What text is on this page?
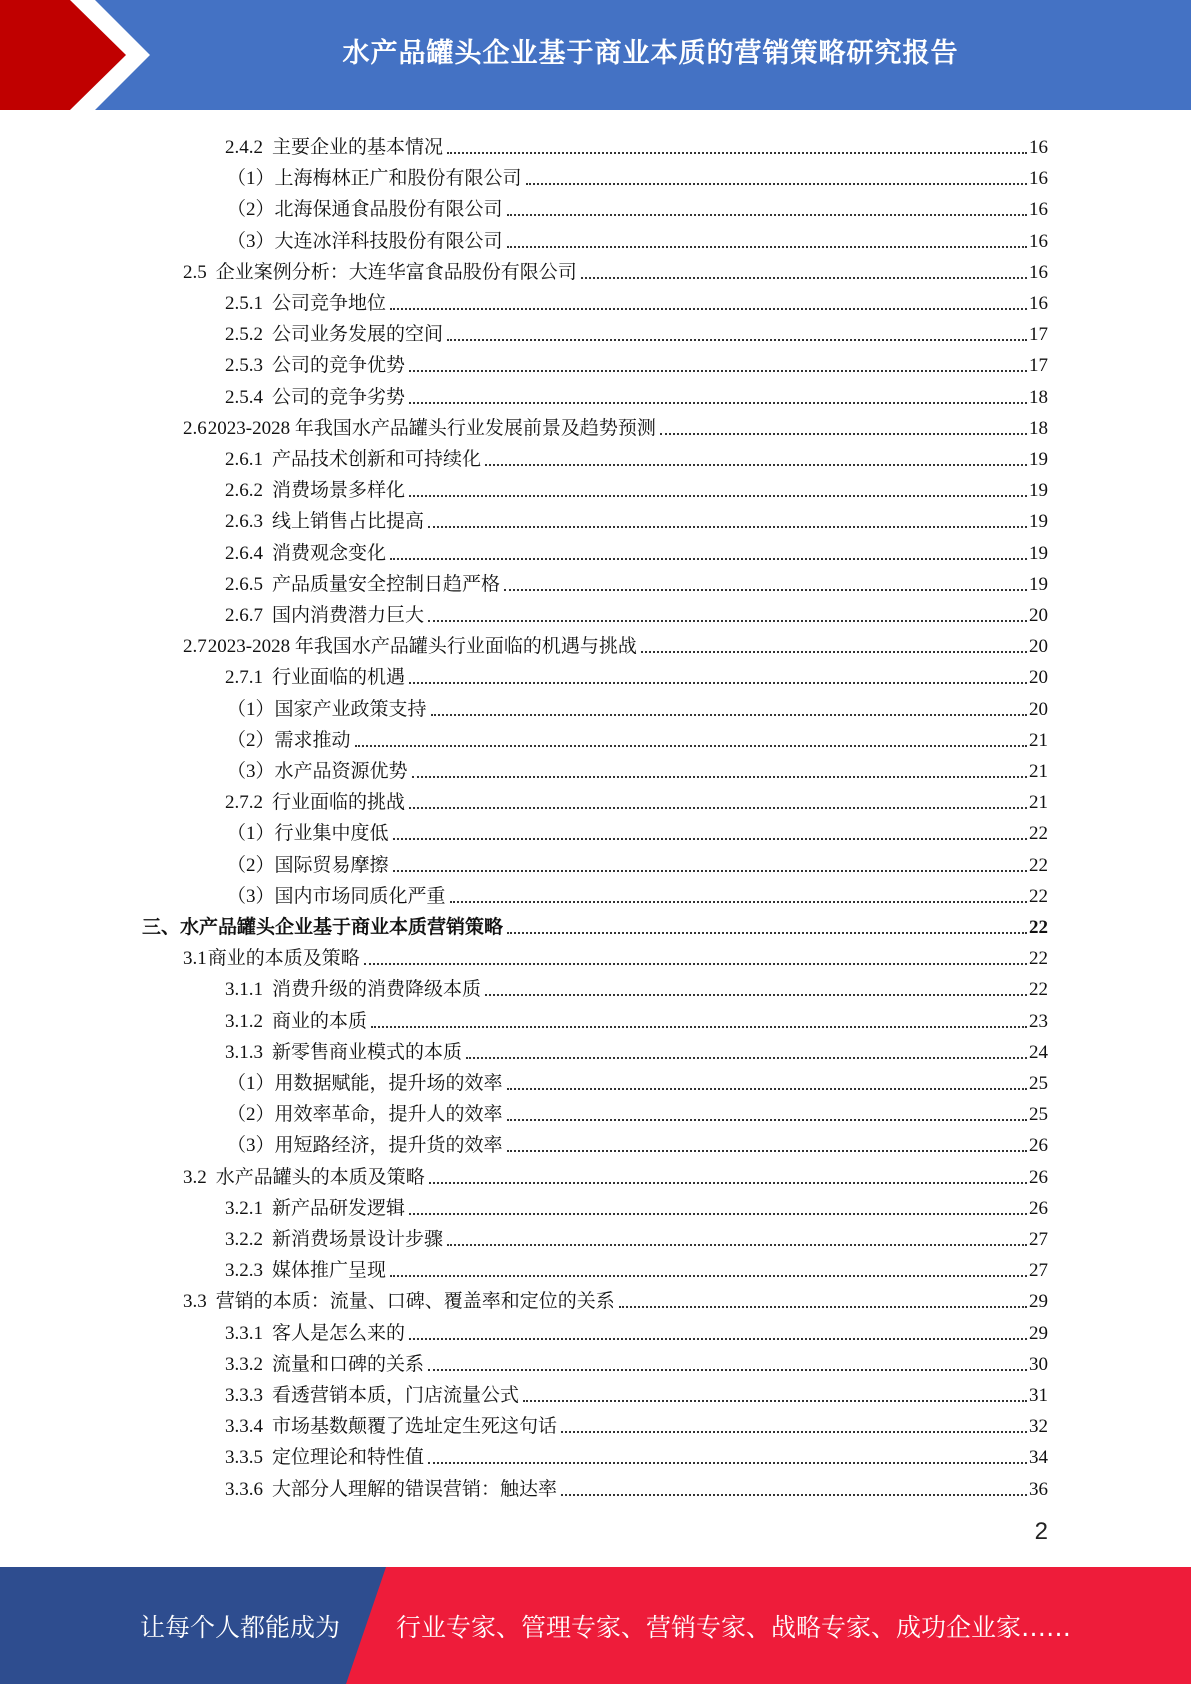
水产品罐头企业基于商业本质的营销策略研究报告
2.4.2 主要企业的基本情况	16
（1）上海梅林正广和股份有限公司	16
（2）北海保通食品股份有限公司	16
（3）大连冰洋科技股份有限公司	16
2.5 企业案例分析：大连华富食品股份有限公司	16
2.5.1 公司竞争地位	16
2.5.2 公司业务发展的空间	17
2.5.3 公司的竞争优势	17
2.5.4 公司的竞争劣势	18
2.6 2023-2028 年我国水产品罐头行业发展前景及趋势预测	18
2.6.1 产品技术创新和可持续化	19
2.6.2 消费场景多样化	19
2.6.3 线上销售占比提高	19
2.6.4 消费观念变化	19
2.6.5 产品质量安全控制日趋严格	19
2.6.7 国内消费潜力巨大	20
2.7 2023-2028 年我国水产品罐头行业面临的机遇与挑战	20
2.7.1 行业面临的机遇	20
（1）国家产业政策支持	20
（2）需求推动	21
（3）水产品资源优势	21
2.7.2 行业面临的挑战	21
（1）行业集中度低	22
（2）国际贸易摩擦	22
（3）国内市场同质化严重	22
三、水产品罐头企业基于商业本质营销策略	22
3.1 商业的本质及策略	22
3.1.1 消费升级的消费降级本质	22
3.1.2 商业的本质	23
3.1.3 新零售商业模式的本质	24
（1）用数据赋能，提升场的效率	25
（2）用效率革命，提升人的效率	25
（3）用短路经济，提升货的效率	26
3.2 水产品罐头的本质及策略	26
3.2.1 新产品研发逻辑	26
3.2.2 新消费场景设计步骤	27
3.2.3 媒体推广呈现	27
3.3 营销的本质：流量、口碑、覆盖率和定位的关系	29
3.3.1 客人是怎么来的	29
3.3.2 流量和口碑的关系	30
3.3.3 看透营销本质，门店流量公式	31
3.3.4 市场基数颠覆了选址定生死这句话	32
3.3.5 定位理论和特性值	34
3.3.6 大部分人理解的错误营销：触达率	36
2
让每个人都能成为 行业专家、管理专家、营销专家、战略专家、成功企业家……
